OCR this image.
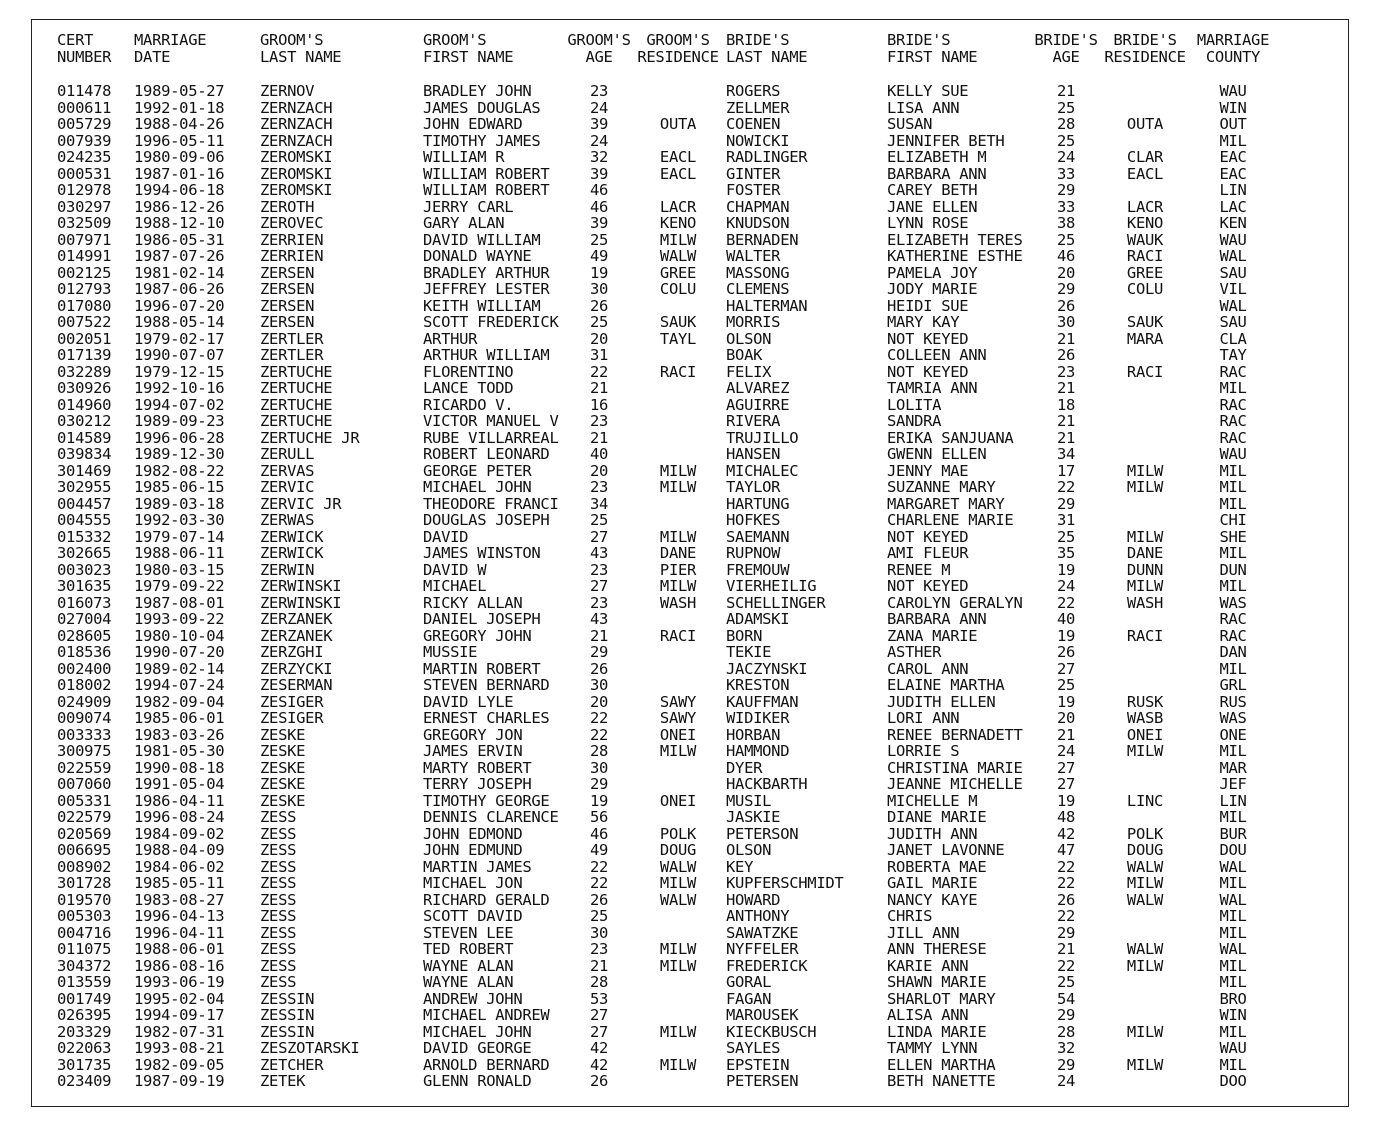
CERT
NUMBER
MARRIAGE
DATE
GROOM'S
LAST NAME
GROOM'S
FIRST NAME
GROOM'S
AGE
GROOM'S
RESIDENCE
BRIDE'S
LAST NAME
BRIDE'S
FIRST NAME
BRIDE'S
AGE
BRIDE'S
RESIDENCE
MARRIAGE
COUNTY
011478
000611
005729
007939
024235
000531
012978
030297
032509
007971
014991
002125
012793
017080
007522
002051
017139
032289
030926
014960
030212
014589
039834
301469
302955
004457
004555
015332
302665
003023
301635
016073
027004
028605
018536
002400
018002
024909
009074
003333
300975
022559
007060
005331
022579
020569
006695
008902
301728
019570
005303
004716
011075
304372
013559
001749
026395
203329
022063
301735
023409
1989-05-27
1992-01-18
1988-04-26
1996-05-11
1980-09-06
1987-01-16
1994-06-18
1986-12-26
1988-12-10
1986-05-31
1987-07-26
1981-02-14
1987-06-26
1996-07-20
1988-05-14
1979-02-17
1990-07-07
1979-12-15
1992-10-16
1994-07-02
1989-09-23
1996-06-28
1989-12-30
1982-08-22
1985-06-15
1989-03-18
1992-03-30
1979-07-14
1988-06-11
1980-03-15
1979-09-22
1987-08-01
1993-09-22
1980-10-04
1990-07-20
1989-02-14
1994-07-24
1982-09-04
1985-06-01
1983-03-26
1981-05-30
1990-08-18
1991-05-04
1986-04-11
1996-08-24
1984-09-02
1988-04-09
1984-06-02
1985-05-11
1983-08-27
1996-04-13
1996-04-11
1988-06-01
1986-08-16
1993-06-19
1995-02-04
1994-09-17
1982-07-31
1993-08-21
1982-09-05
1987-09-19
ZERNOV
ZERNZACH
ZERNZACH
ZERNZACH
ZEROMSKI
ZEROMSKI
ZEROMSKI
ZEROTH
ZEROVEC
ZERRIEN
ZERRIEN
ZERSEN
ZERSEN
ZERSEN
ZERSEN
ZERTLER
ZERTLER
ZERTUCHE
ZERTUCHE
ZERTUCHE
ZERTUCHE
ZERTUCHE JR
ZERULL
ZERVAS
ZERVIC
ZERVIC JR
ZERWAS
ZERWICK
ZERWICK
ZERWIN
ZERWINSKI
ZERWINSKI
ZERZANEK
ZERZANEK
ZERZGHI
ZERZYCKI
ZESERMAN
ZESIGER
ZESIGER
ZESKE
ZESKE
ZESKE
ZESKE
ZESKE
ZESS
ZESS
ZESS
ZESS
ZESS
ZESS
ZESS
ZESS
ZESS
ZESS
ZESS
ZESSIN
ZESSIN
ZESSIN
ZESZOTARSKI
ZETCHER
ZETEK
BRADLEY JOHN
JAMES DOUGLAS
JOHN EDWARD
TIMOTHY JAMES
WILLIAM R
WILLIAM ROBERT
WILLIAM ROBERT
JERRY CARL
GARY ALAN
DAVID WILLIAM
DONALD WAYNE
BRADLEY ARTHUR
JEFFREY LESTER
KEITH WILLIAM
SCOTT FREDERICK
ARTHUR
ARTHUR WILLIAM
FLORENTINO
LANCE TODD
RICARDO V.
VICTOR MANUEL V
RUBE VILLARREAL
ROBERT LEONARD
GEORGE PETER
MICHAEL JOHN
THEODORE FRANCI
DOUGLAS JOSEPH
DAVID
JAMES WINSTON
DAVID W
MICHAEL
RICKY ALLAN
DANIEL JOSEPH
GREGORY JOHN
MUSSIE
MARTIN ROBERT
STEVEN BERNARD
DAVID LYLE
ERNEST CHARLES
GREGORY JON
JAMES ERVIN
MARTY ROBERT
TERRY JOSEPH
TIMOTHY GEORGE
DENNIS CLARENCE
JOHN EDMOND
JOHN EDMUND
MARTIN JAMES
MICHAEL JON
RICHARD GERALD
SCOTT DAVID
STEVEN LEE
TED ROBERT
WAYNE ALAN
WAYNE ALAN
ANDREW JOHN
MICHAEL ANDREW
MICHAEL JOHN
DAVID GEORGE
ARNOLD BERNARD
GLENN RONALD
23
24
39
24
32
39
46
46
39
25
49
19
30
26
25
20
31
22
21
16
23
21
40
20
23
34
25
27
43
23
27
23
43
21
29
26
30
20
22
22
28
30
29
19
56
46
49
22
22
26
25
30
23
21
28
53
27
27
42
42
26
OUTA
EACL
EACL
LACR
KENO
MILW
WALW
GREE
COLU
SAUK
TAYL
RACI
MILW
MILW
MILW
DANE
PIER
MILW
WASH
RACI
SAWY
SAWY
ONEI
MILW
ONEI
POLK
DOUG
WALW
MILW
WALW
MILW
MILW
MILW
MILW
ROGERS
ZELLMER
COENEN
NOWICKI
RADLINGER
GINTER
FOSTER
CHAPMAN
KNUDSON
BERNADEN
WALTER
MASSONG
CLEMENS
HALTERMAN
MORRIS
OLSON
BOAK
FELIX
ALVAREZ
AGUIRRE
RIVERA
TRUJILLO
HANSEN
MICHALEC
TAYLOR
HARTUNG
HOFKES
SAEMANN
RUPNOW
FREMOUW
VIERHEILIG
SCHELLINGER
ADAMSKI
BORN
TEKIE
JACZYNSKI
KRESTON
KAUFFMAN
WIDIKER
HORBAN
HAMMOND
DYER
HACKBARTH
MUSIL
JASKIE
PETERSON
OLSON
KEY
KUPFERSCHMIDT
HOWARD
ANTHONY
SAWATZKE
NYFFELER
FREDERICK
GORAL
FAGAN
MAROUSEK
KIECKBUSCH
SAYLES
EPSTEIN
PETERSEN
KELLY SUE
LISA ANN
SUSAN
JENNIFER BETH
ELIZABETH M
BARBARA ANN
CAREY BETH
JANE ELLEN
LYNN ROSE
ELIZABETH TERES
KATHERINE ESTHE
PAMELA JOY
JODY MARIE
HEIDI SUE
MARY KAY
NOT KEYED
COLLEEN ANN
NOT KEYED
TAMRIA ANN
LOLITA
SANDRA
ERIKA SANJUANA
GWENN ELLEN
JENNY MAE
SUZANNE MARY
MARGARET MARY
CHARLENE MARIE
NOT KEYED
AMI FLEUR
RENEE M
NOT KEYED
CAROLYN GERALYN
BARBARA ANN
ZANA MARIE
ASTHER
CAROL ANN
ELAINE MARTHA
JUDITH ELLEN
LORI ANN
RENEE BERNADETT
LORRIE S
CHRISTINA MARIE
JEANNE MICHELLE
MICHELLE M
DIANE MARIE
JUDITH ANN
JANET LAVONNE
ROBERTA MAE
GAIL MARIE
NANCY KAYE
CHRIS
JILL ANN
ANN THERESE
KARIE ANN
SHAWN MARIE
SHARLOT MARY
ALISA ANN
LINDA MARIE
TAMMY LYNN
ELLEN MARTHA
BETH NANETTE
21
25
28
25
24
33
29
33
38
25
46
20
29
26
30
21
26
23
21
18
21
21
34
17
22
29
31
25
35
19
24
22
40
19
26
27
25
19
20
21
24
27
27
19
48
42
47
22
22
26
22
29
21
22
25
54
29
28
32
29
24
OUTA
CLAR
EACL
LACR
KENO
WAUK
RACI
GREE
COLU
SAUK
MARA
RACI
MILW
MILW
MILW
DANE
DUNN
MILW
WASH
RACI
RUSK
WASB
ONEI
MILW
LINC
POLK
DOUG
WALW
MILW
WALW
WALW
MILW
MILW
MILW
WAU
WIN
OUT
MIL
EAC
EAC
LIN
LAC
KEN
WAU
WAL
SAU
VIL
WAL
SAU
CLA
TAY
RAC
MIL
RAC
RAC
RAC
WAU
MIL
MIL
MIL
CHI
SHE
MIL
DUN
MIL
WAS
RAC
RAC
DAN
MIL
GRL
RUS
WAS
ONE
MIL
MAR
JEF
LIN
MIL
BUR
DOU
WAL
MIL
WAL
MIL
MIL
WAL
MIL
MIL
BRO
WIN
MIL
WAU
MIL
DOO
